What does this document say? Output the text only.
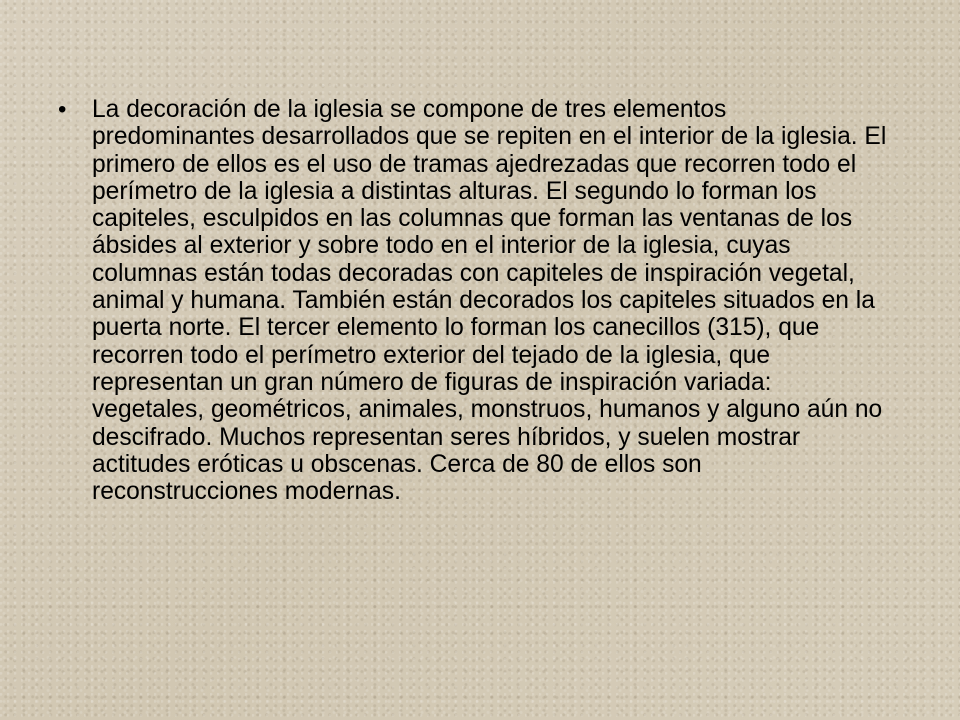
• La decoración de la iglesia se compone de tres elementos predominantes desarrollados que se repiten en el interior de la iglesia. El primero de ellos es el uso de tramas ajedrezadas que recorren todo el perímetro de la iglesia a distintas alturas. El segundo lo forman los capiteles, esculpidos en las columnas que forman las ventanas de los ábsides al exterior y sobre todo en el interior de la iglesia, cuyas columnas están todas decoradas con capiteles de inspiración vegetal, animal y humana. También están decorados los capiteles situados en la puerta norte. El tercer elemento lo forman los canecillos (315), que recorren todo el perímetro exterior del tejado de la iglesia, que representan un gran número de figuras de inspiración variada: vegetales, geométricos, animales, monstruos, humanos y alguno aún no descifrado. Muchos representan seres híbridos, y suelen mostrar actitudes eróticas u obscenas. Cerca de 80 de ellos son reconstrucciones modernas.
